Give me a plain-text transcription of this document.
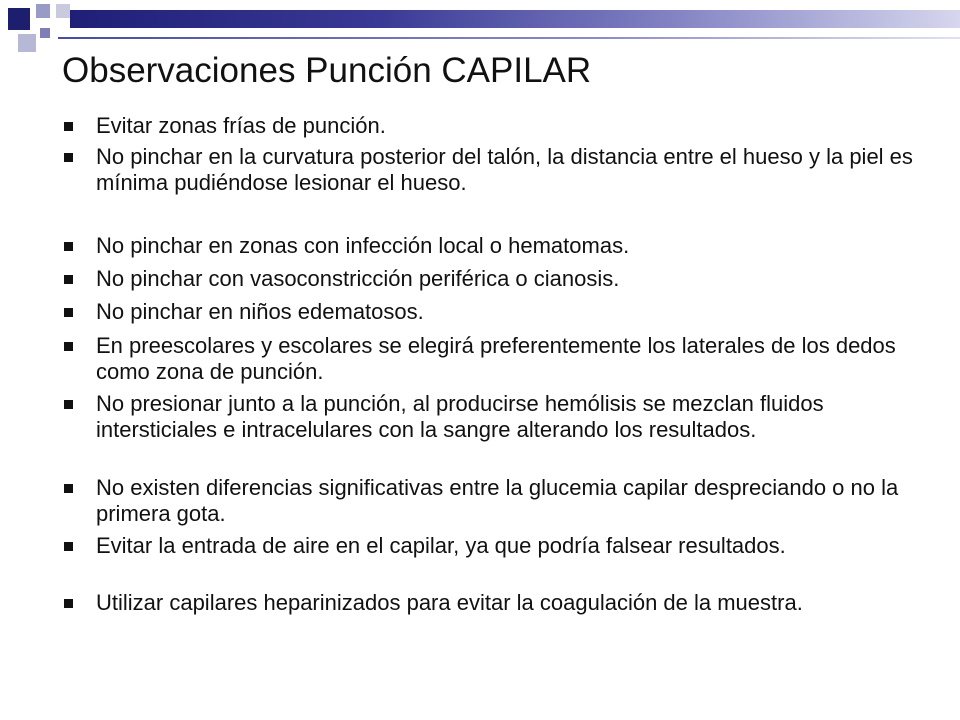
Observaciones Punción CAPILAR
Evitar zonas frías de punción.
No pinchar en la curvatura posterior del talón, la distancia entre el hueso y la piel es mínima pudiéndose lesionar el hueso.
No pinchar en zonas con infección local o hematomas.
No pinchar con vasoconstricción periférica o cianosis.
No pinchar en niños edematosos.
En preescolares y escolares se elegirá preferentemente los laterales de los dedos como zona de punción.
No presionar junto a la punción, al producirse hemólisis se mezclan fluidos intersticiales e intracelulares con la sangre alterando los resultados.
No existen diferencias significativas entre la glucemia capilar despreciando o no la primera gota.
Evitar la entrada de aire en el capilar, ya que podría falsear resultados.
Utilizar capilares heparinizados para evitar la coagulación de la muestra.
